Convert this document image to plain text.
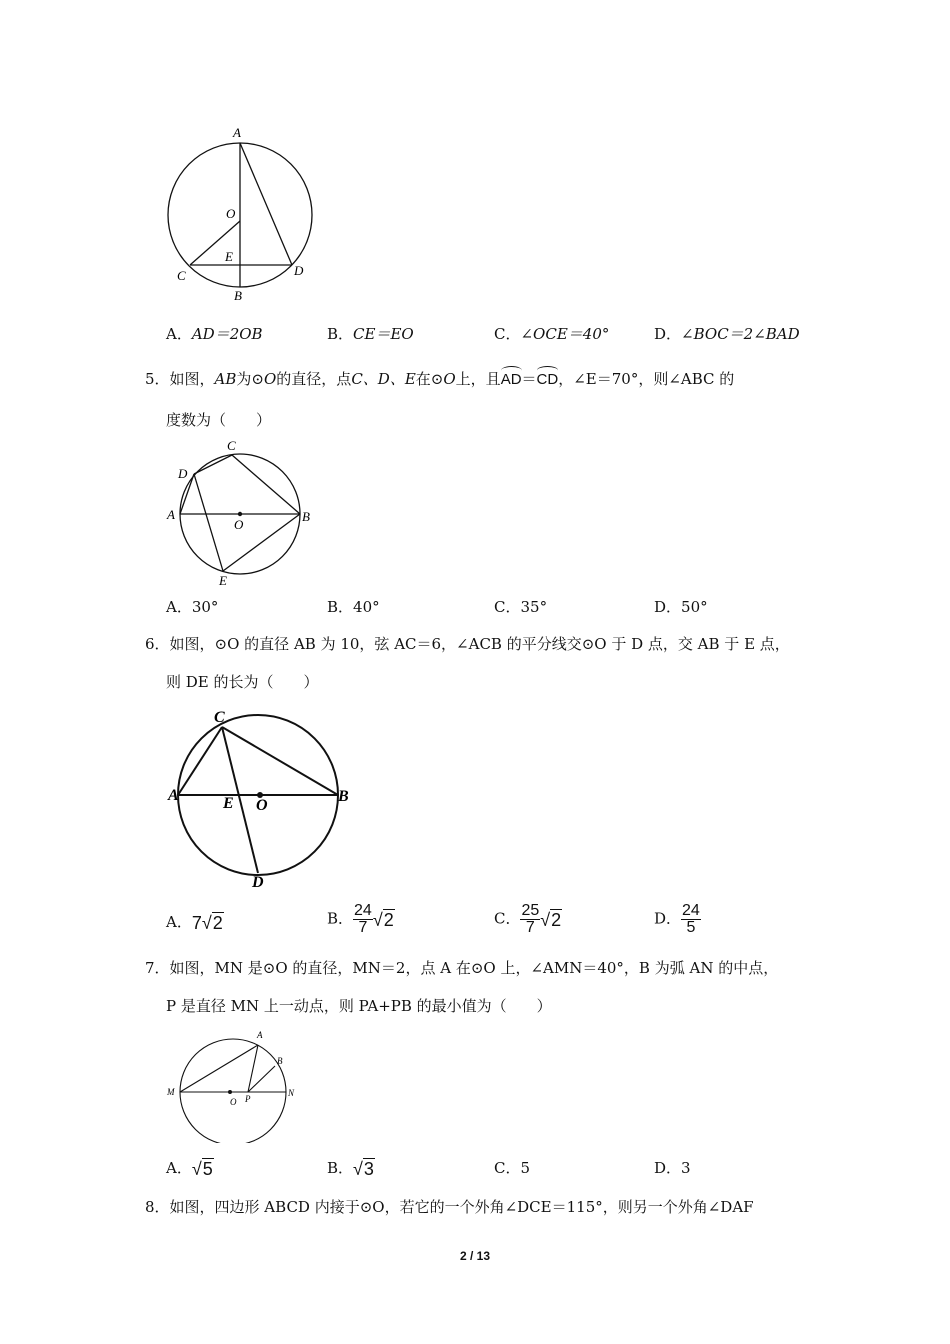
A
O
E
C	D
B
A．AD＝2OB	B．CE＝EO	C．∠OCE＝40°	D．∠BOC＝2∠BAD
5．如图，AB为⊙O的直径，点C、D、E在⊙O上，且AD＝CD，∠E＝70°，则∠ABC 的
度数为（　　）
C
D
A
O
B
E
A．30°	B．40°	C．35°	D．50°
6．如图，⊙O 的直径 AB 为 10，弦 AC＝6，∠ACB 的平分线交⊙O 于 D 点，交 AB 于 E 点，
则 DE 的长为（　　）
C
A	E O
B
D
A．7√2	B． $\frac{24}{7} √2$	C． $\frac{25}{7} √2$	D． $\frac{24}{5}$
7．如图，MN 是⊙O 的直径，MN＝2，点 A 在⊙O 上，∠AMN＝40°，B 为弧 AN 的中点，
P 是直径 MN 上一动点，则 PA+PB 的最小值为（　　）
A
B
M
O P
N
A．√5	B．√3	C．5	D．3
8．如图，四边形 ABCD 内接于⊙O，若它的一个外角∠DCE＝115°，则另一个外角∠DAF
2 / 13
